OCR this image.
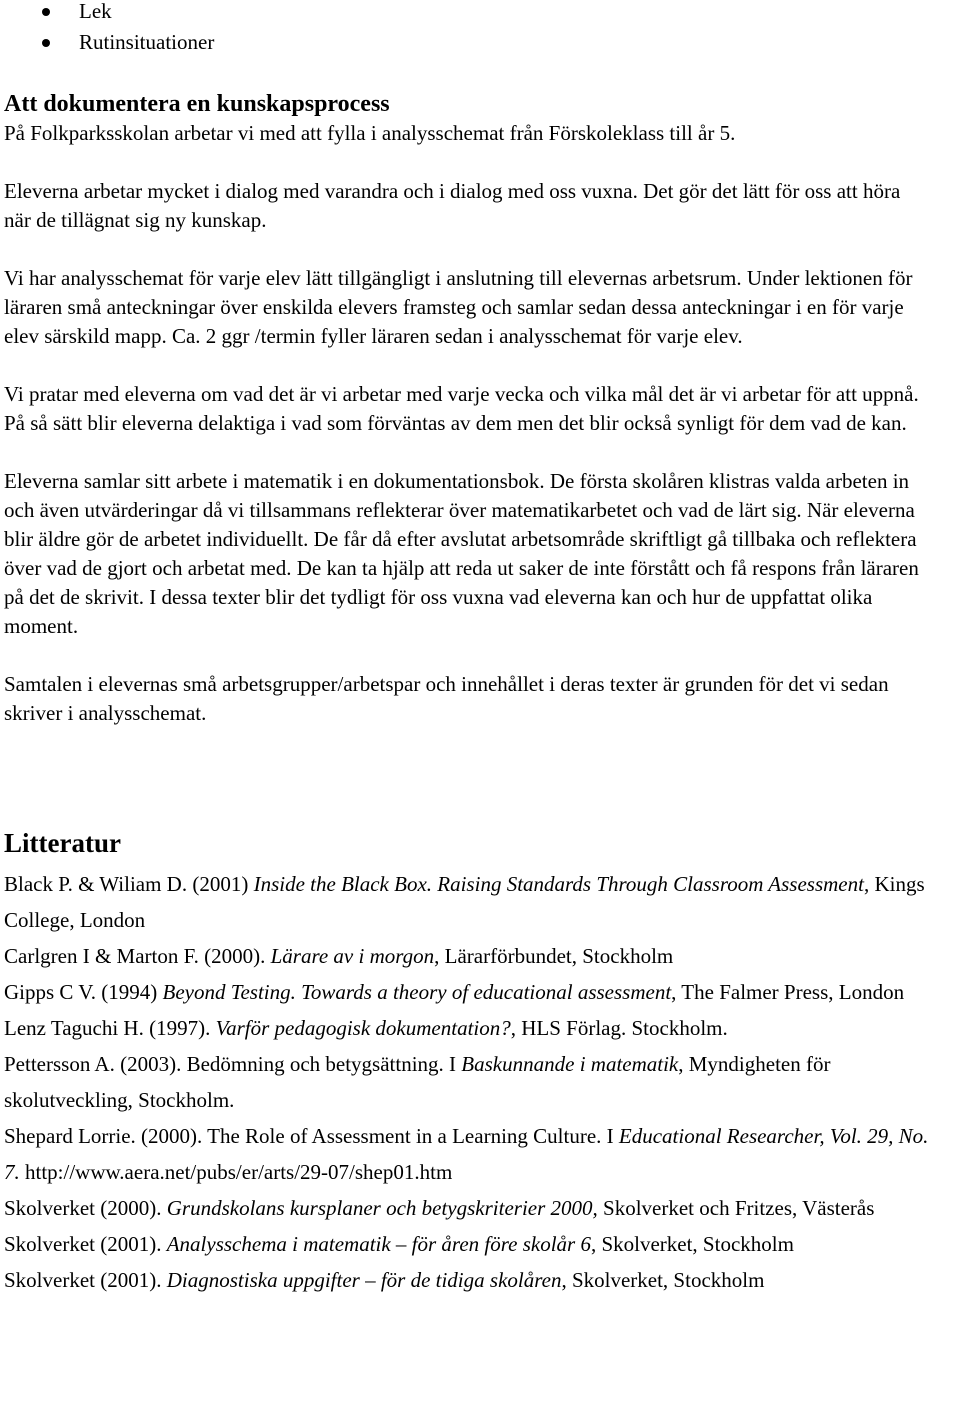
Lek
Rutinsituationer
Att dokumentera en kunskapsprocess

På Folkparksskolan arbetar vi med att fylla i analysschemat från Förskoleklass till år 5.

Eleverna arbetar mycket i dialog med varandra och i dialog med oss vuxna. Det gör det lätt för oss att höra när de tillägnat sig ny kunskap.

Vi har analysschemat för varje elev lätt tillgängligt i anslutning till elevernas arbetsrum. Under lektionen för läraren små anteckningar över enskilda elevers framsteg och samlar sedan dessa anteckningar i en för varje elev särskild mapp. Ca. 2 ggr /termin fyller läraren sedan i analysschemat för varje elev.

Vi pratar med eleverna om vad det är vi arbetar med varje vecka och vilka mål det är vi arbetar för att uppnå. På så sätt blir eleverna delaktiga i vad som förväntas av dem men det blir också synligt för dem vad de kan.

Eleverna samlar sitt arbete i matematik i en dokumentationsbok. De första skolåren klistras valda arbeten in och även utvärderingar då vi tillsammans reflekterar över matematikarbetet och vad de lärt sig. När eleverna blir äldre gör de arbetet individuellt. De får då efter avslutat arbetsområde skriftligt gå tillbaka och reflektera över vad de gjort och arbetat med. De kan ta hjälp att reda ut saker de inte förstått och få respons från läraren på det de skrivit. I dessa texter blir det tydligt för oss vuxna vad eleverna kan och hur de uppfattat olika moment.

Samtalen i elevernas små arbetsgrupper/arbetspar och innehållet i deras texter är grunden för det vi sedan skriver i analysschemat.

Litteratur

Black P. & Wiliam D. (2001) Inside the Black Box. Raising Standards Through Classroom Assessment, Kings College, London

Carlgren I & Marton F. (2000). Lärare av i morgon, Lärarförbundet, Stockholm

Gipps C V. (1994) Beyond Testing. Towards a theory of educational assessment, The Falmer Press, London

Lenz Taguchi H. (1997). Varför pedagogisk dokumentation?, HLS Förlag. Stockholm.

Pettersson A. (2003). Bedömning och betygsättning. I Baskunnande i matematik, Myndigheten för skolutveckling, Stockholm.

Shepard Lorrie. (2000). The Role of Assessment in a Learning Culture. I Educational Researcher, Vol. 29, No. 7. http://www.aera.net/pubs/er/arts/29-07/shep01.htm

Skolverket (2000). Grundskolans kursplaner och betygskriterier 2000, Skolverket och Fritzes, Västerås

Skolverket (2001). Analysschema i matematik – för åren före skolår 6, Skolverket, Stockholm

Skolverket (2001). Diagnostiska uppgifter – för de tidiga skolåren, Skolverket, Stockholm
